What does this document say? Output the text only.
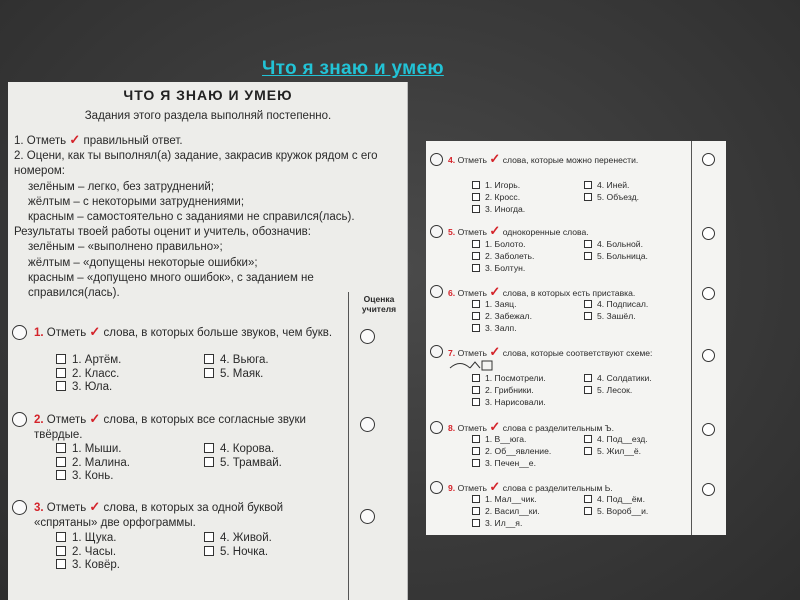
Что я знаю и умею
ЧТО Я ЗНАЮ И УМЕЮ
Задания этого раздела выполняй постепенно.
1. Отметь ✓ правильный ответ.
2. Оцени, как ты выполнял(а) задание, закрасив кружок рядом с его номером:
зелёным – легко, без затруднений;
жёлтым – с некоторыми затруднениями;
красным – самостоятельно с заданиями не справился(лась).
Результаты твоей работы оценит и учитель, обозначив:
зелёным – «выполнено правильно»;
жёлтым – «допущены некоторые ошибки»;
красным – «допущено много ошибок», с заданием не справился(лась).	Оценка учителя
1. Отметь ✓ слова, в которых больше звуков, чем букв.
1. Артём.	4. Вьюга.
2. Класс.	5. Маяк.
3. Юла.
2. Отметь ✓ слова, в которых все согласные звуки твёрдые.
1. Мыши.	4. Корова.
2. Малина.	5. Трамвай.
3. Конь.
3. Отметь ✓ слова, в которых за одной буквой «спрятаны» две орфограммы.
1. Щука.	4. Живой.
2. Часы.	5. Ночка.
3. Ковёр.
4. Отметь ✓ слова, которые можно перенести.
1. Игорь.	4. Иней.
2. Кросс.	5. Объезд.
3. Иногда.
5. Отметь ✓ однокоренные слова.
1. Болото.	4. Больной.
2. Заболеть.	5. Больница.
3. Болтун.
6. Отметь ✓ слова, в которых есть приставка.
1. Заяц.	4. Подписал.
2. Забежал.	5. Зашёл.
3. Залп.
7. Отметь ✓ слова, которые соответствуют схеме:
1. Посмотрели.	4. Солдатики.
2. Грибники.	5. Лесок.
3. Нарисовали.
8. Отметь ✓ слова с разделительным Ъ.
1. В__юга.	4. Под__езд.
2. Об__явление.	5. Жил__ё.
3. Печен__е.
9. Отметь ✓ слова с разделительным Ь.
1. Мал__чик.	4. Под__ём.
2. Васил__ки.	5. Вороб__и.
3. Ил__я.
